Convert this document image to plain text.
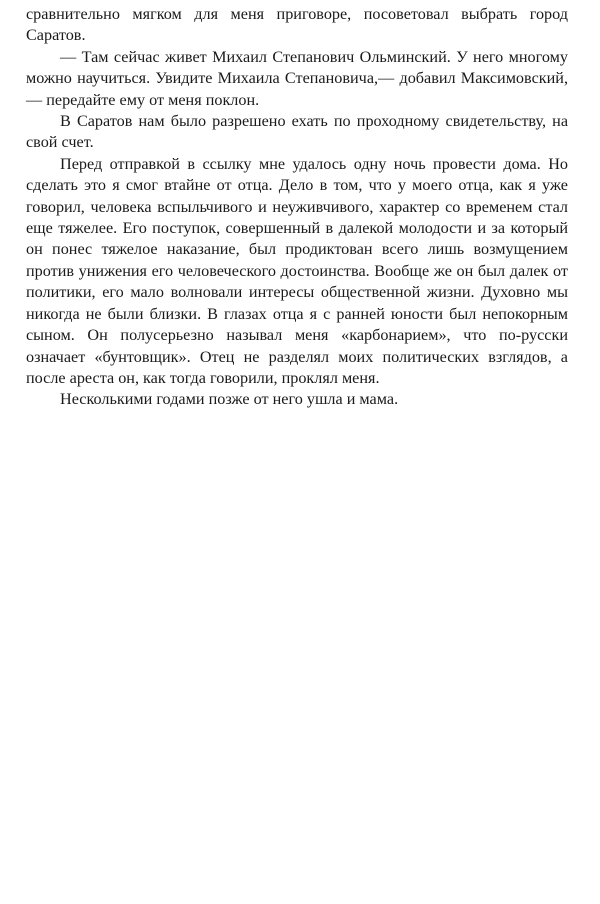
сравнительно мягком для меня приговоре, посоветовал выбрать город Саратов.

— Там сейчас живет Михаил Степанович Ольминский. У него многому можно научиться. Увидите Михаила Степановича,— добавил Максимовский,— передайте ему от меня поклон.

В Саратов нам было разрешено ехать по проходному свидетельству, на свой счет.

Перед отправкой в ссылку мне удалось одну ночь провести дома. Но сделать это я смог втайне от отца. Дело в том, что у моего отца, как я уже говорил, человека вспыльчивого и неуживчивого, характер со временем стал еще тяжелее. Его поступок, совершенный в далекой молодости и за который он понес тяжелое наказание, был продиктован всего лишь возмущением против унижения его человеческого достоинства. Вообще же он был далек от политики, его мало волновали интересы общественной жизни. Духовно мы никогда не были близки. В глазах отца я с ранней юности был непокорным сыном. Он полусерьезно называл меня «карбонарием», что по-русски означает «бунтовщик». Отец не разделял моих политических взглядов, а после ареста он, как тогда говорили, проклял меня.

Несколькими годами позже от него ушла и мама.
